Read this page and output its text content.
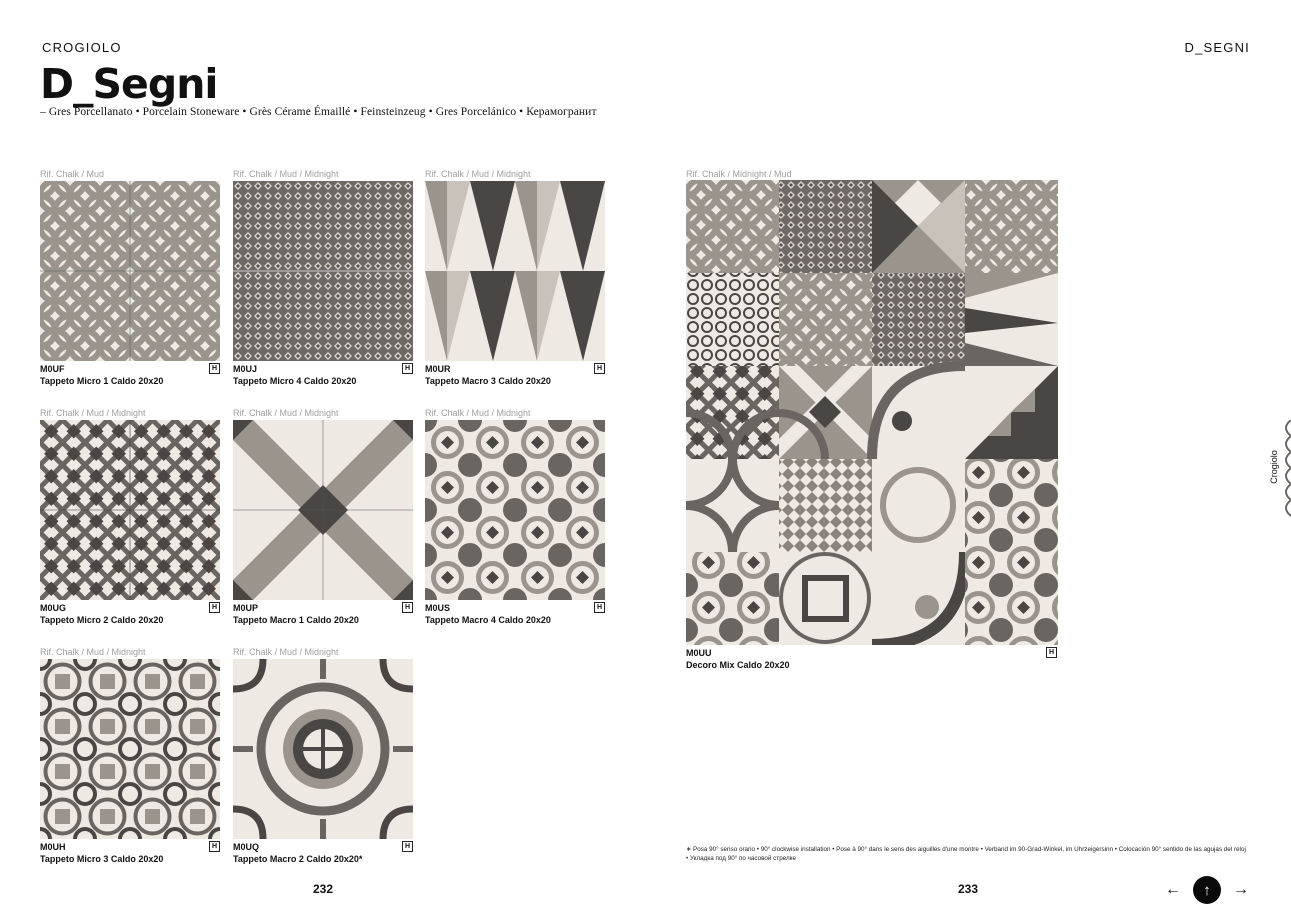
CROGIOLO	D_SEGNI
D_Segni
– Gres Porcellanato • Porcelain Stoneware • Grès Cérame Émaillé • Feinsteinzeug • Gres Porcelánico • Керамогранит
Rif. Chalk / Mud
H
M0UF
Tappeto Micro 1 Caldo 20x20
Rif. Chalk / Mud / Midnight
H
M0UJ
Tappeto Micro 4 Caldo 20x20
Rif. Chalk / Mud / Midnight
H
M0UR
Tappeto Macro 3 Caldo 20x20
Rif. Chalk / Mud / Midnight
H
M0UG
Tappeto Micro 2 Caldo 20x20
Rif. Chalk / Mud / Midnight
H
M0UP
Tappeto Macro 1 Caldo 20x20
Rif. Chalk / Mud / Midnight
H
M0US
Tappeto Macro 4 Caldo 20x20
Rif. Chalk / Mud / Midnight
H
M0UH
Tappeto Micro 3 Caldo 20x20
Rif. Chalk / Mud / Midnight
H
M0UQ
Tappeto Macro 2 Caldo 20x20*
Rif. Chalk / Midnight / Mud
H
M0UU
Decoro Mix Caldo 20x20
∗ Posa 90° senso orario • 90° clockwise installation • Pose à 90° dans le sens des aiguilles d'une montre • Verband im 90-Grad-Winkel, im Uhrzeigersinn • Colocación 90° sentido de las agujas del reloj • Укладка под 90° по часовой стрелке
232	233	←	↑	→
Crogiolo
